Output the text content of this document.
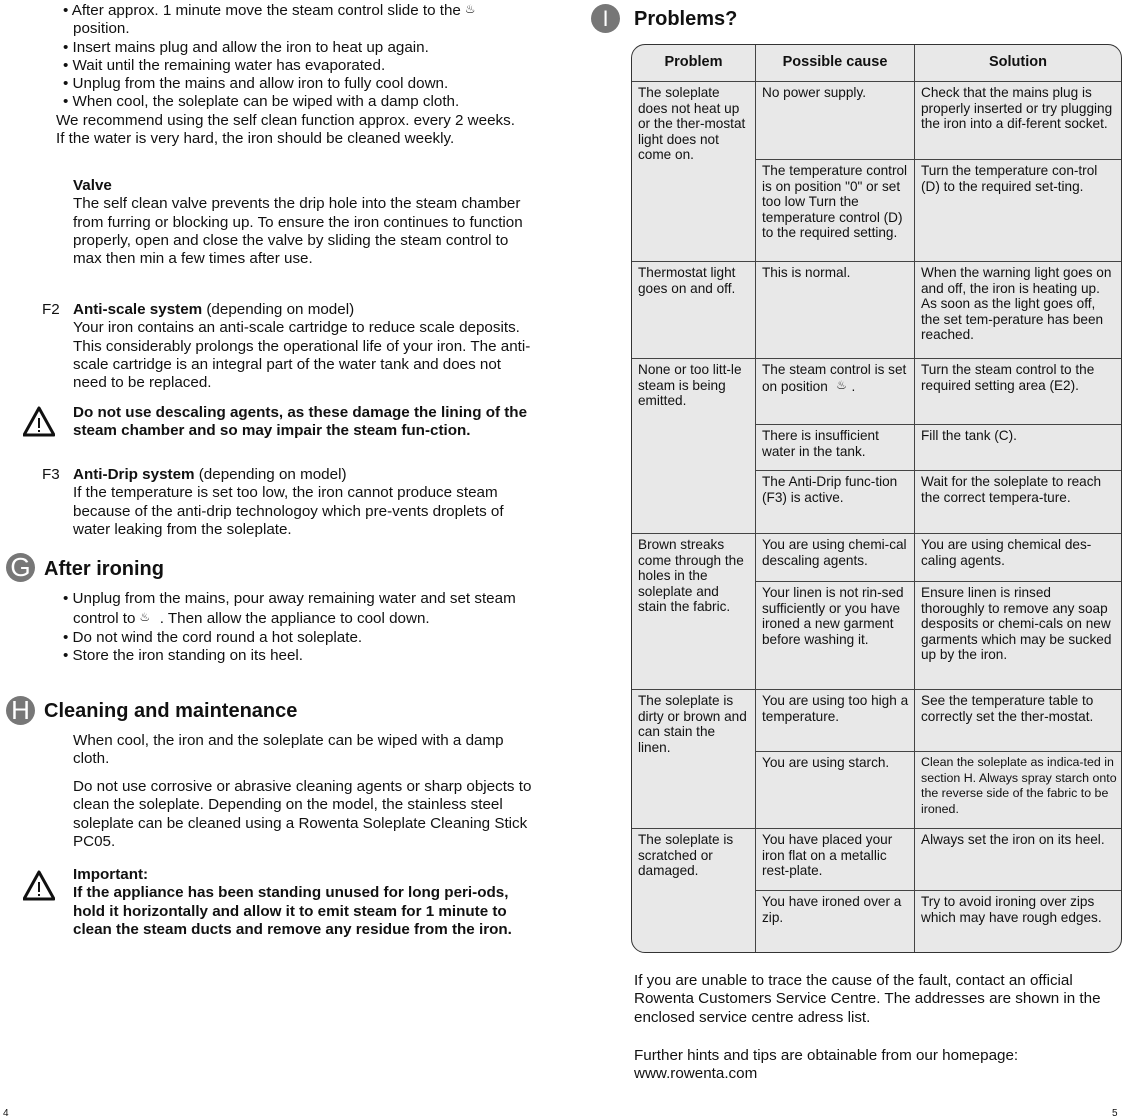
• After approx. 1 minute move the steam control slide to the ♨position.
• Insert mains plug and allow the iron to heat up again.
• Wait until the remaining water has evaporated.
• Unplug from the mains and allow iron to fully cool down.
• When cool, the soleplate can be wiped with a damp cloth.
We recommend using the self clean function approx. every 2 weeks. If the water is very hard, the iron should be cleaned weekly.
Valve
The self clean valve prevents the drip hole into the steam chamber from furring or blocking up. To ensure the iron continues to function properly, open and close the valve by sliding the steam control to max then min a few times after use.
F2 Anti-scale system (depending on model)
Your iron contains an anti-scale cartridge to reduce scale deposits. This considerably prolongs the operational life of your iron. The anti-scale cartridge is an integral part of the water tank and does not need to be replaced.
Do not use descaling agents, as these damage the lining of the steam chamber and so may impair the steam fun-ction.
F3 Anti-Drip system (depending on model)
If the temperature is set too low, the iron cannot produce steam because of the anti-drip technologoy which pre-vents droplets of water leaking from the soleplate.
G After ironing
• Unplug from the mains, pour away remaining water and set steam control to ♨ . Then allow the appliance to cool down.
• Do not wind the cord round a hot soleplate.
• Store the iron standing on its heel.
H Cleaning and maintenance
When cool, the iron and the soleplate can be wiped with a damp cloth.
Do not use corrosive or abrasive cleaning agents or sharp objects to clean the soleplate. Depending on the model, the stainless steel soleplate can be cleaned using a Rowenta Soleplate Cleaning Stick PC05.
Important:
If the appliance has been standing unused for long peri-ods, hold it horizontally and allow it to emit steam for 1 minute to clean the steam ducts and remove any residue from the iron.
4
I	Problems?
Problem	Possible cause	Solution
The soleplate does not heat up or the ther-mostat light does not come on.	No power supply.	Check that the mains plug is properly inserted or try plugging the iron into a dif-ferent socket.
	The temperature control is on position "0" or set too low Turn the temperature control (D) to the required setting.	Turn the temperature con-trol (D) to the required set-ting.
Thermostat light goes on and off.	This is normal.	When the warning light goes on and off, the iron is heating up. As soon as the light goes off, the set tem-perature has been reached.
None or too litt-le steam is being emitted.	The steam control is set on position ♨ .	Turn the steam control to the required setting area (E2).
	There is insufficient water in the tank.	Fill the tank (C).
	The Anti-Drip func-tion (F3) is active.	Wait for the soleplate to reach the correct tempera-ture.
Brown streaks come through the holes in the soleplate and stain the fabric.	You are using chemi-cal descaling agents.	You are using chemical des-caling agents.
	Your linen is not rin-sed sufficiently or you have ironed a new garment before washing it.	Ensure linen is rinsed thoroughly to remove any soap desposits or chemi-cals on new garments which may be sucked up by the iron.
The soleplate is dirty or brown and can stain the linen.	You are using too high a temperature.	See the temperature table to correctly set the ther-mostat.
	You are using starch.	Clean the soleplate as indica-ted in section H. Always spray starch onto the reverse side of the fabric to be ironed.
The soleplate is scratched or damaged.	You have placed your iron flat on a metallic rest-plate.	Always set the iron on its heel.
	You have ironed over a zip.	Try to avoid ironing over zips which may have rough edges.
If you are unable to trace the cause of the fault, contact an official Rowenta Customers Service Centre. The addresses are shown in the enclosed service centre adress list.
Further hints and tips are obtainable from our homepage: www.rowenta.com
5
